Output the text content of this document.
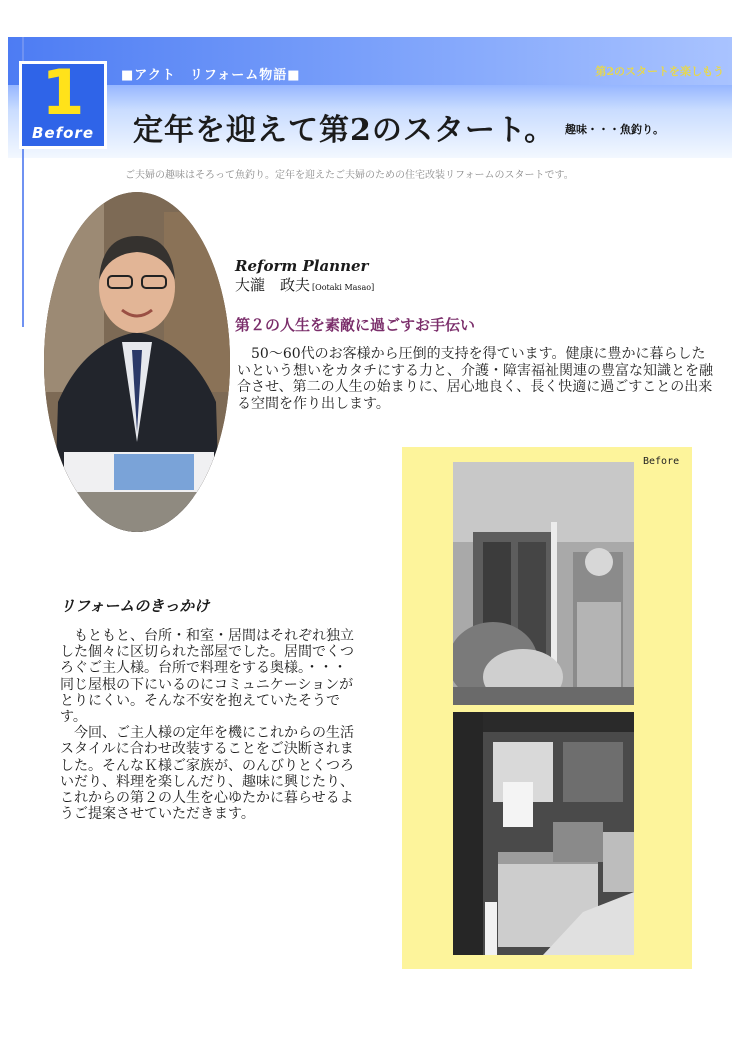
1
Before
■アクト　リフォーム物語■	第2のスタートを楽しもう
定年を迎えて第2のスタート。 趣味・・・魚釣り。
ご夫婦の趣味はそろって魚釣り。定年を迎えたご夫婦のための住宅改装リフォームのスタートです。
Reform Planner
大瀧　政夫 [Ootaki Masao]
第２の人生を素敵に過ごすお手伝い
　50〜60代のお客様から圧倒的支持を得ています。健康に豊かに暮らしたいという想いをカタチにする力と、介護・障害福祉関連の豊富な知識とを融合させ、第二の人生の始まりに、居心地良く、長く快適に過ごすことの出来る空間を作り出します。
Before
リフォームのきっかけ

　もともと、台所・和室・居間はそれぞれ独立した個々に区切られた部屋でした。居間でくつろぐご主人様。台所で料理をする奥様。・・・同じ屋根の下にいるのにコミュニケーションがとりにくい。そんな不安を抱えていたそうです。

　今回、ご主人様の定年を機にこれからの生活スタイルに合わせ改装することをご決断されました。そんなＫ様ご家族が、のんびりとくつろいだり、料理を楽しんだり、趣味に興じたり、これからの第２の人生を心ゆたかに暮らせるようご提案させていただきます。
